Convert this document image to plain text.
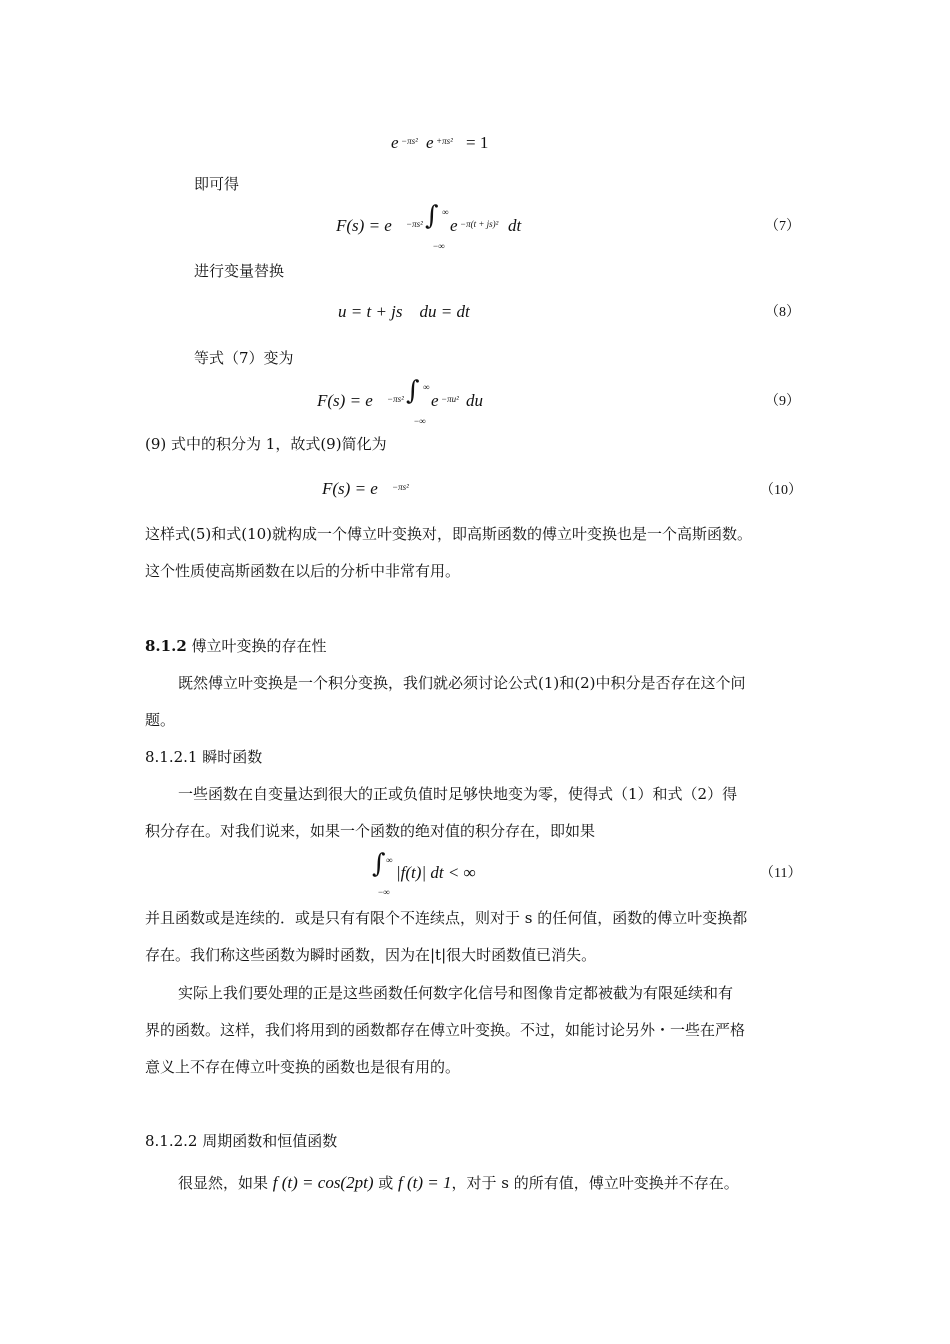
e −πs² e +πs² = 1
即可得
F(s) = e −πs² ∫ ∞
−∞
e −π(t + js)² dt	（7）
进行变量替换
u = t + js    du = dt	（8）
等式（7）变为
F(s) = e −πs² ∫ ∞
−∞
e −πu² du	（9）
(9) 式中的积分为 1，故式(9)简化为
F(s) = e −πs²	（10）
这样式(5)和式(10)就构成一个傅立叶变换对，即高斯函数的傅立叶变换也是一个高斯函数。
这个性质使高斯函数在以后的分析中非常有用。
8.1.2 傅立叶变换的存在性
既然傅立叶变换是一个积分变换，我们就必须讨论公式(1)和(2)中积分是否存在这个问
题。
8.1.2.1 瞬时函数
一些函数在自变量达到很大的正或负值时足够快地变为零，使得式（1）和式（2）得
积分存在。对我们说来，如果一个函数的绝对值的积分存在，即如果
∫ ∞
−∞
|f(t)| dt < ∞	（11）
并且函数或是连续的．或是只有有限个不连续点，则对于 s 的任何值，函数的傅立叶变换都
存在。我们称这些函数为瞬时函数，因为在|t|很大时函数值已消失。
实际上我们要处理的正是这些函数任何数字化信号和图像肯定都被截为有限延续和有
界的函数。这样，我们将用到的函数都存在傅立叶变换。不过，如能讨论另外・一些在严格
意义上不存在傅立叶变换的函数也是很有用的。
8.1.2.2 周期函数和恒值函数
很显然，如果 f (t) = cos(2pt) 或 f (t) = 1，对于 s 的所有值，傅立叶变换并不存在。
